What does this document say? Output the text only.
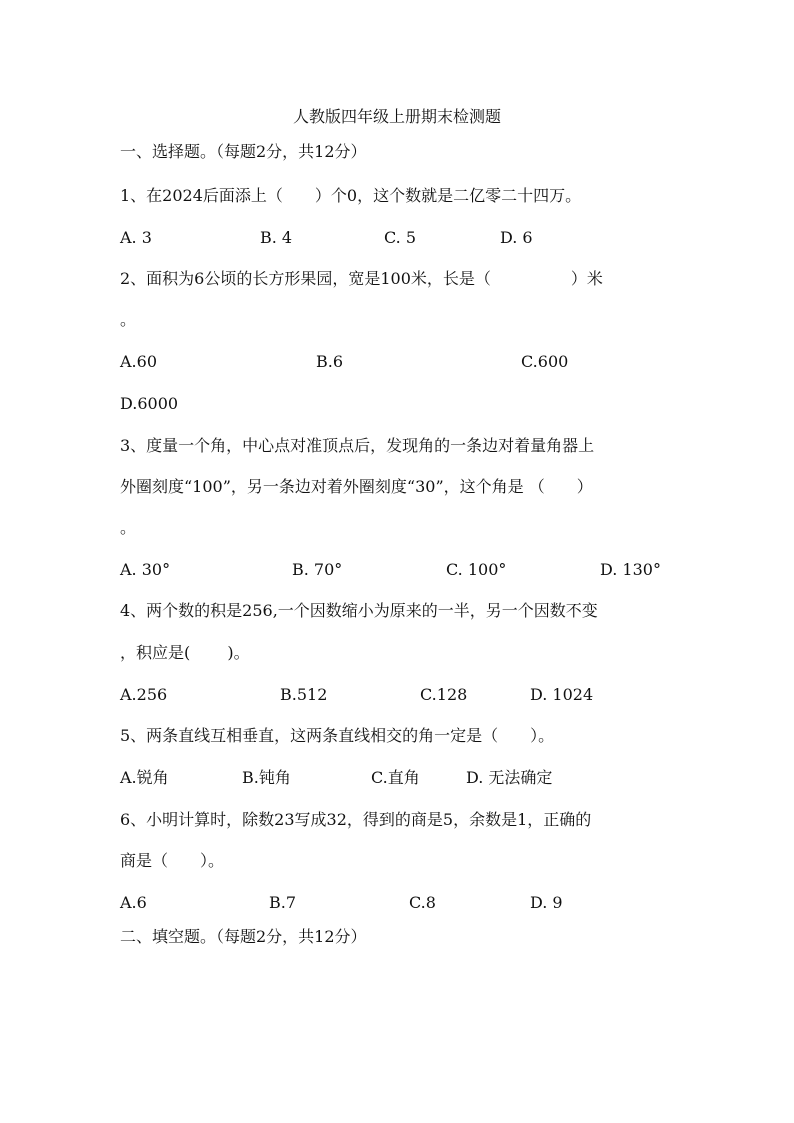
人教版四年级上册期末检测题
一、选择题。（每题2分，共12分）
1、在2024后面添上（　　）个0，这个数就是二亿零二十四万。
A. 3	B. 4	C. 5	D. 6
2、面积为6公顷的长方形果园，宽是100米，长是（　　　　　）米
。
A.60	B.6	C.600
D.6000
3、度量一个角，中心点对准顶点后，发现角的一条边对着量角器上
外圈刻度“100”，另一条边对着外圈刻度“30”，这个角是 （　　）
。
A. 30°	B. 70°	C. 100°	D. 130°
4、两个数的积是256,一个因数缩小为原来的一半，另一个因数不变
，积应是(　　 )。
A.256	B.512	C.128	D. 1024
5、两条直线互相垂直，这两条直线相交的角一定是（　　）。
A.锐角	B.钝角	C.直角	D. 无法确定
6、小明计算时，除数23写成32，得到的商是5，余数是1，正确的
商是（　　）。
A.6	B.7	C.8	D. 9
二、填空题。（每题2分，共12分）
